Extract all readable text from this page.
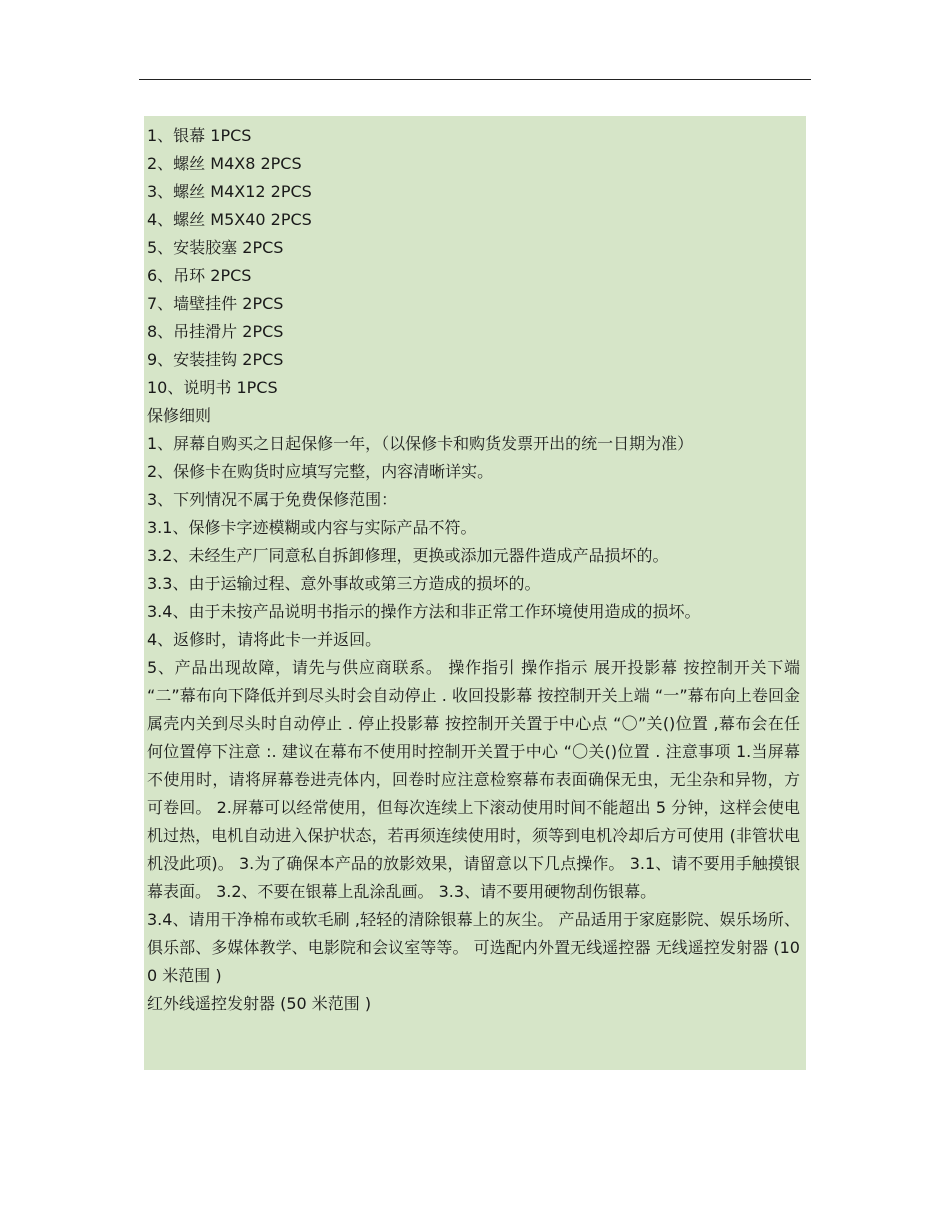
1、银幕 1PCS

2、螺丝 M4X8 2PCS

3、螺丝 M4X12 2PCS

4、螺丝 M5X40 2PCS

5、安装胶塞 2PCS

6、吊环 2PCS

7、墙壁挂件 2PCS

8、吊挂滑片 2PCS

9、安装挂钩 2PCS

10、说明书 1PCS

保修细则

1、屏幕自购买之日起保修一年，（以保修卡和购货发票开出的统一日期为准）

2、保修卡在购货时应填写完整，内容清晰详实。

3、下列情况不属于免费保修范围：

3.1、保修卡字迹模糊或内容与实际产品不符。

3.2、未经生产厂同意私自拆卸修理，更换或添加元器件造成产品损坏的。

3.3、由于运输过程、意外事故或第三方造成的损坏的。

3.4、由于未按产品说明书指示的操作方法和非正常工作环境使用造成的损坏。

4、返修时，请将此卡一并返回。

5、产品出现故障，请先与供应商联系。 操作指引 操作指示 展开投影幕 按控制开关下端 “二”幕布向下降低并到尽头时会自动停止 . 收回投影幕 按控制开关上端 “一”幕布向上卷回金属壳内关到尽头时自动停止 . 停止投影幕 按控制开关置于中心点 “〇”关()位置 ,幕布会在任何位置停下注意 :. 建议在幕布不使用时控制开关置于中心 “〇关()位置 . 注意事项 1.当屏幕不使用时，请将屏幕卷进壳体内，回卷时应注意检察幕布表面确保无虫，无尘杂和异物，方可卷回。 2.屏幕可以经常使用，但每次连续上下滚动使用时间不能超出 5 分钟，这样会使电机过热，电机自动进入保护状态，若再须连续使用时，须等到电机冷却后方可使用 (非管状电机没此项)。 3.为了确保本产品的放影效果，请留意以下几点操作。 3.1、请不要用手触摸银幕表面。 3.2、不要在银幕上乱涂乱画。 3.3、请不要用硬物刮伤银幕。

3.4、请用干净棉布或软毛刷 ,轻轻的清除银幕上的灰尘。 产品适用于家庭影院、娱乐场所、俱乐部、多媒体教学、电影院和会议室等等。 可选配内外置无线遥控器 无线遥控发射器 (100 米范围 )

红外线遥控发射器 (50 米范围 )
